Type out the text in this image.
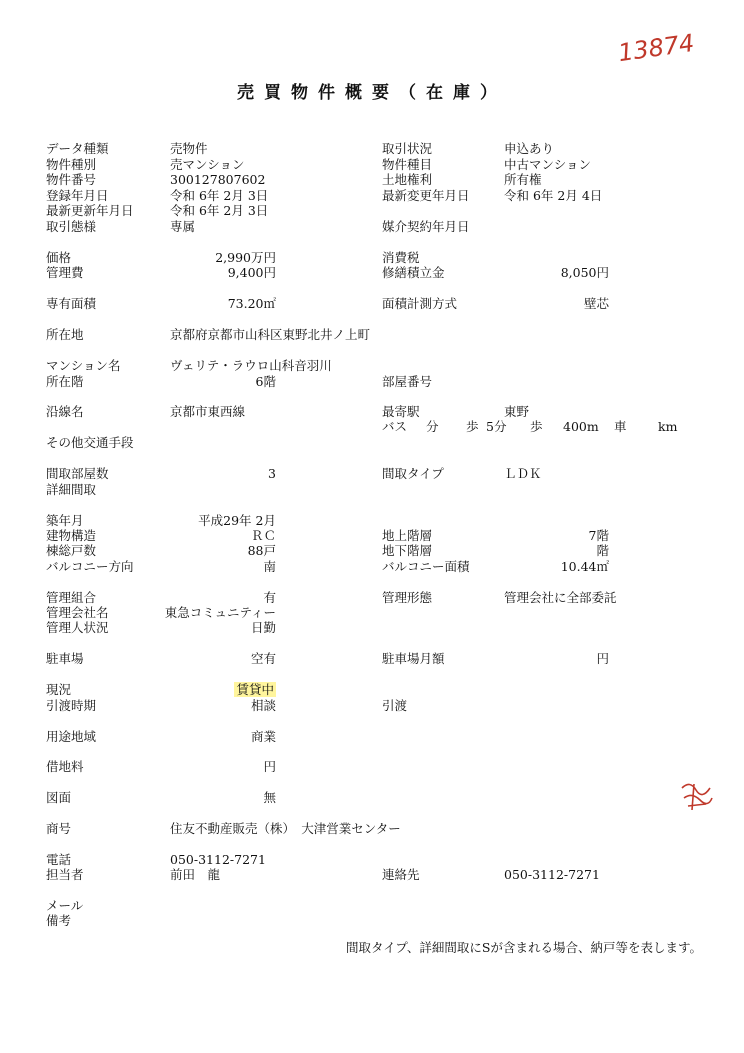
13874
売買物件概要（在庫）
データ種類	売物件
物件種別	売マンション
物件番号	300127807602
登録年月日	令和 6年 2月 3日
最新更新年月日	令和 6年 2月 3日
取引態様	専属
価格	2,990万円
管理費	9,400円
専有面積	73.20㎡
所在地	京都府京都市山科区東野北井ノ上町
マンション名	ヴェリテ・ラウロ山科音羽川
所在階	6階
沿線名	京都市東西線
その他交通手段
間取部屋数	3
詳細間取
築年月	平成29年 2月
建物構造	ＲＣ
棟総戸数	88戸
バルコニー方向	南
管理組合	有
管理会社名	東急コミュニティー
管理人状況	日勤
駐車場	空有
現況	賃貸中
引渡時期	相談
用途地域	商業
借地料	円
図面	無
商号	住友不動産販売（株）　大津営業センター
電話	050-3112-7271
担当者	前田　龍
メール
備考
取引状況	申込あり
物件種目	中古マンション
土地権利	所有権
最新変更年月日	令和 6年 2月 4日
媒介契約年月日
消費税
修繕積立金	8,050円
面積計測方式	壁芯
部屋番号
最寄駅	東野
間取タイプ	ＬＤＫ
地上階層	7階
地下階層	階
バルコニー面積	10.44㎡
管理形態	管理会社に全部委託
駐車場月額	円
引渡
連絡先	050-3112-7271
バス 分 歩 5分 歩 400m 車	km
間取タイプ、詳細間取にSが含まれる場合、納戸等を表します。
